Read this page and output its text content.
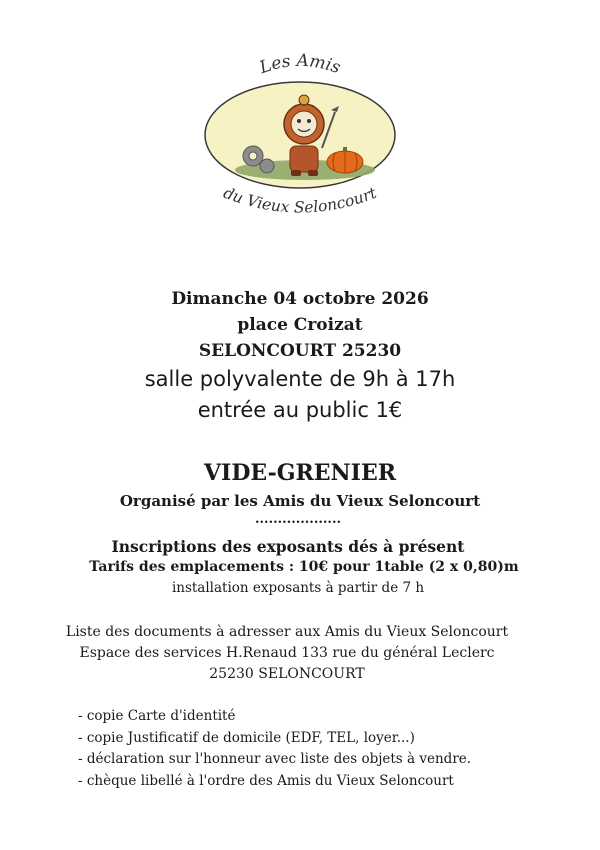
Les Amis
du Vieux Seloncourt
Dimanche 04 octobre 2026
place Croizat
SELONCOURT 25230
salle polyvalente de 9h à 17h
entrée au public 1€
VIDE-GRENIER
Organisé par les Amis du Vieux Seloncourt
...................
Inscriptions des exposants dés à présent
Tarifs des emplacements : 10€ pour 1table (2 x 0,80)m
installation exposants à partir de 7 h
Liste des documents à adresser aux Amis du Vieux Seloncourt
Espace des services H.Renaud 133 rue du général Leclerc
25230 SELONCOURT
- copie Carte d'identité
- copie Justificatif de domicile (EDF, TEL, loyer...)
- déclaration sur l'honneur avec liste des objets à vendre.
- chèque libellé à l'ordre des Amis du Vieux Seloncourt
